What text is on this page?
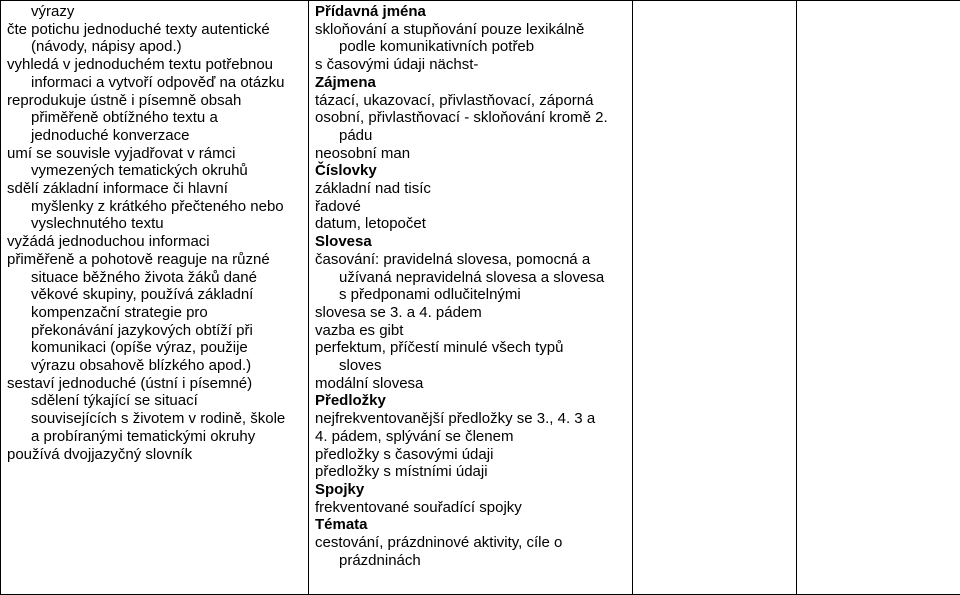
výrazy
čte potichu jednoduché texty autentické
(návody, nápisy apod.)
vyhledá v jednoduchém textu potřebnou
informaci a vytvoří odpověď na otázku
reprodukuje ústně i písemně obsah
přiměřeně obtížného textu a
jednoduché konverzace
umí se souvisle vyjadřovat v rámci
vymezených tematických okruhů
sdělí základní informace či hlavní
myšlenky z krátkého přečteného nebo
vyslechnutého textu
vyžádá jednoduchou informaci
přiměřeně a pohotově reaguje na různé
situace běžného života žáků dané
věkové skupiny, používá základní
kompenzační strategie pro
překonávání jazykových obtíží při
komunikaci (opíše výraz, použije
výrazu obsahově blízkého apod.)
sestaví jednoduché (ústní i písemné)
sdělení týkající se situací
souvisejících s životem v rodině, škole
a probíranými tematickými okruhy
používá dvojjazyčný slovník

Přídavná jména
skloňování a stupňování pouze lexikálně
podle komunikativních potřeb
s časovými údaji nächst-
Zájmena
tázací, ukazovací, přivlastňovací, záporná
osobní, přivlastňovací - skloňování kromě 2.
pádu
neosobní man
Číslovky
základní nad tisíc
řadové
datum, letopočet
Slovesa
časování: pravidelná slovesa, pomocná a
užívaná nepravidelná slovesa a slovesa
s předponami odlučitelnými
slovesa se 3. a 4. pádem
vazba es gibt
perfektum, příčestí minulé všech typů
sloves
modální slovesa
Předložky
nejfrekventovanější předložky se 3., 4. 3 a
4. pádem, splývání se členem
předložky s časovými údaji
předložky s místními údaji
Spojky
frekventované souřadící spojky
Témata
cestování, prázdninové aktivity, cíle o
prázdninách
